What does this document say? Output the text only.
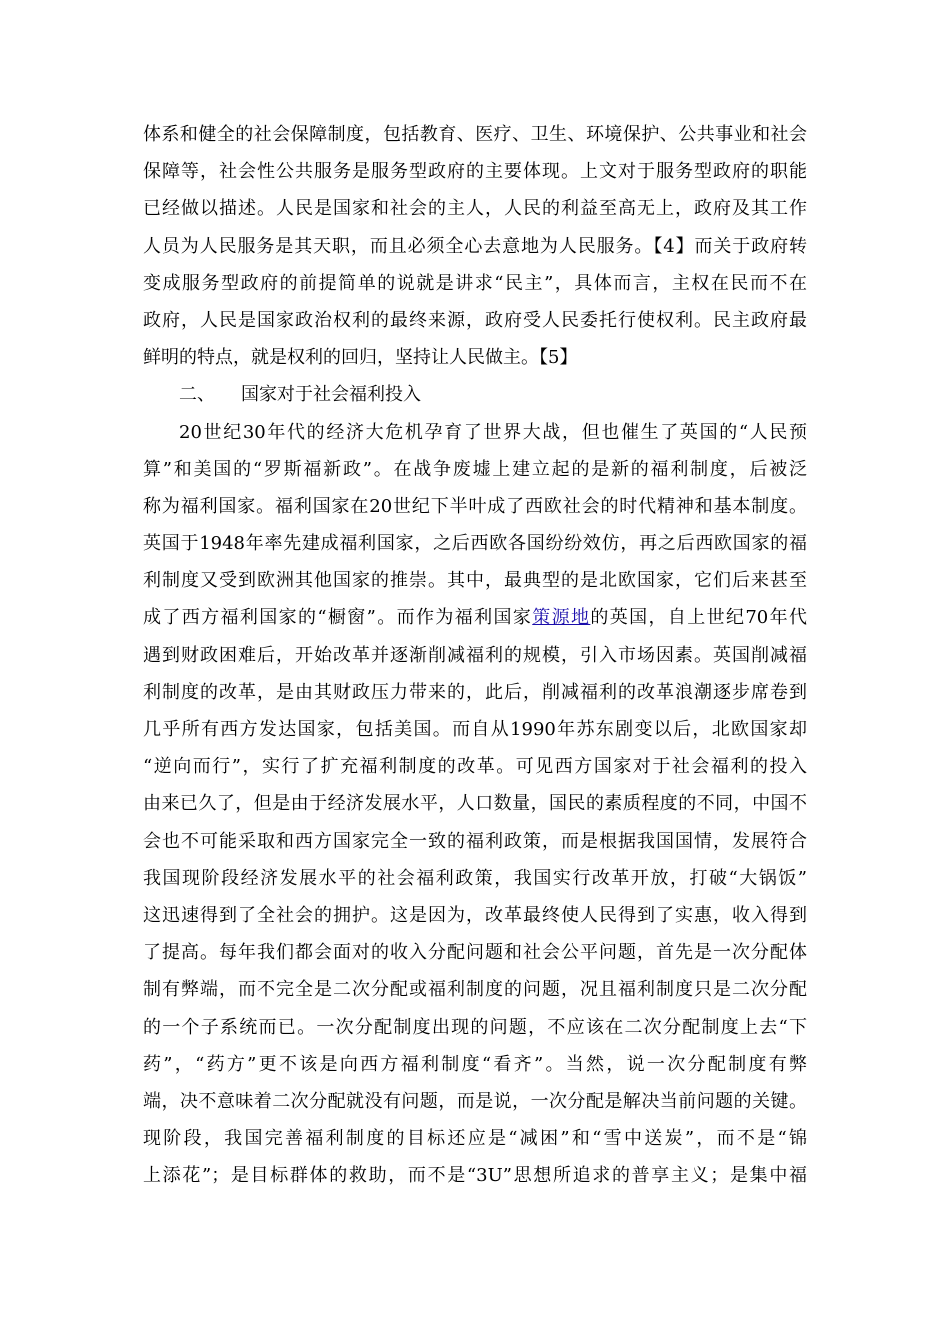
体系和健全的社会保障制度，包括教育、医疗、卫生、环境保护、公共事业和社会
保障等，社会性公共服务是服务型政府的主要体现。上文对于服务型政府的职能
已经做以描述。人民是国家和社会的主人，人民的利益至高无上，政府及其工作
人员为人民服务是其天职，而且必须全心去意地为人民服务。【4】而关于政府转
变成服务型政府的前提简单的说就是讲求“民主”，具体而言，主权在民而不在
政府，人民是国家政治权利的最终来源，政府受人民委托行使权利。民主政府最
鲜明的特点，就是权利的回归，坚持让人民做主。【5】
二、 国家对于社会福利投入
20世纪30年代的经济大危机孕育了世界大战，但也催生了英国的“人民预
算”和美国的“罗斯福新政”。在战争废墟上建立起的是新的福利制度，后被泛
称为福利国家。福利国家在20世纪下半叶成了西欧社会的时代精神和基本制度。
英国于1948年率先建成福利国家，之后西欧各国纷纷效仿，再之后西欧国家的福
利制度又受到欧洲其他国家的推崇。其中，最典型的是北欧国家，它们后来甚至
成了西方福利国家的“橱窗”。而作为福利国家策源地的英国，自上世纪70年代
遇到财政困难后，开始改革并逐渐削减福利的规模，引入市场因素。英国削减福
利制度的改革，是由其财政压力带来的，此后，削减福利的改革浪潮逐步席卷到
几乎所有西方发达国家，包括美国。而自从1990年苏东剧变以后，北欧国家却
“逆向而行”，实行了扩充福利制度的改革。可见西方国家对于社会福利的投入
由来已久了，但是由于经济发展水平，人口数量，国民的素质程度的不同，中国不
会也不可能采取和西方国家完全一致的福利政策，而是根据我国国情，发展符合
我国现阶段经济发展水平的社会福利政策，我国实行改革开放，打破“大锅饭”
这迅速得到了全社会的拥护。这是因为，改革最终使人民得到了实惠，收入得到
了提高。每年我们都会面对的收入分配问题和社会公平问题，首先是一次分配体
制有弊端，而不完全是二次分配或福利制度的问题，况且福利制度只是二次分配
的一个子系统而已。一次分配制度出现的问题，不应该在二次分配制度上去“下
药”，“药方”更不该是向西方福利制度“看齐”。当然，说一次分配制度有弊
端，决不意味着二次分配就没有问题，而是说，一次分配是解决当前问题的关键。
现阶段，我国完善福利制度的目标还应是“减困”和“雪中送炭”，而不是“锦
上添花”；是目标群体的救助，而不是“3U”思想所追求的普享主义；是集中福
